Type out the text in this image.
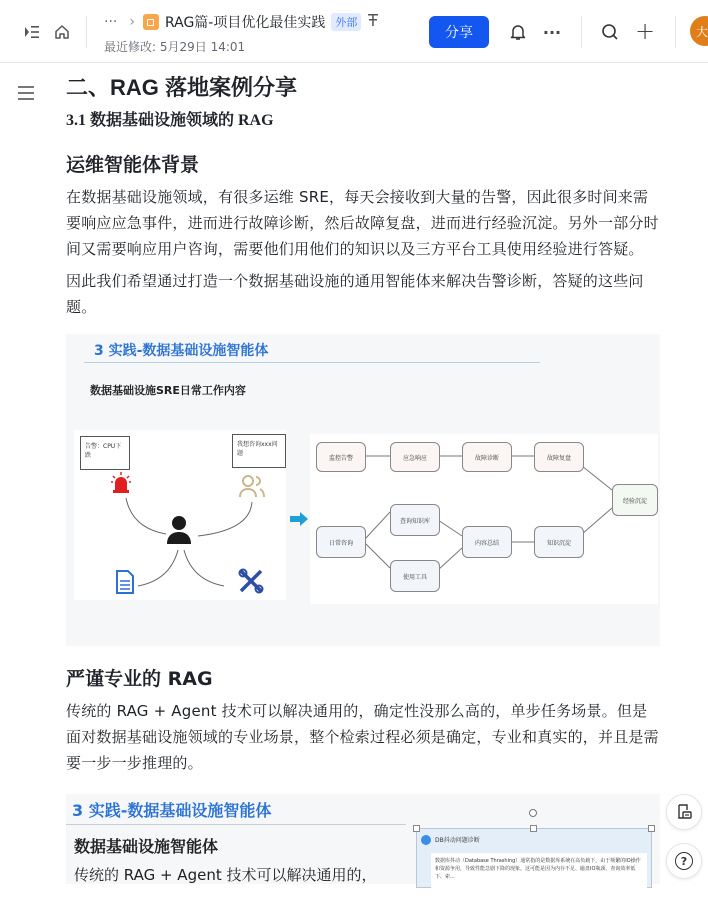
··· › RAG篇-项目优化最佳实践 外部
最近修改: 5月29日 14:01
分享	···	+	大
二、RAG 落地案例分享
3.1 数据基础设施领域的 RAG
运维智能体背景

在数据基础设施领域，有很多运维 SRE，每天会接收到大量的告警，因此很多时间来需要响应应急事件，进而进行故障诊断，然后故障复盘，进而进行经验沉淀。另外一部分时间又需要响应用户咨询，需要他们用他们的知识以及三方平台工具使用经验进行答疑。

因此我们希望通过打造一个数据基础设施的通用智能体来解决告警诊断，答疑的这些问题。

3 实践-数据基础设施智能体
数据基础设施SRE日常工作内容
告警：CPU下跌
我想咨询xxx问题
监控告警	应急响应	故障诊断	故障复盘
经验沉淀
日常咨询
查询知识库
使用工具
内容总结	知识沉淀
严谨专业的 RAG

传统的 RAG + Agent 技术可以解决通用的，确定性没那么高的，单步任务场景。但是面对数据基础设施领域的专业场景，整个检索过程必须是确定，专业和真实的，并且是需要一步一步推理的。

3 实践-数据基础设施智能体
数据基础设施智能体
传统的 RAG + Agent 技术可以解决通用的，
DB抖动问题诊断
数据库抖动（Database Thrashing）通常指的是数据库系统在高负载下，由于频繁的IO操作和资源争用，导致性能急剧下降的现象。这可能是因为内存不足、磁盘IO瓶颈、查询效率低下、索...
?
